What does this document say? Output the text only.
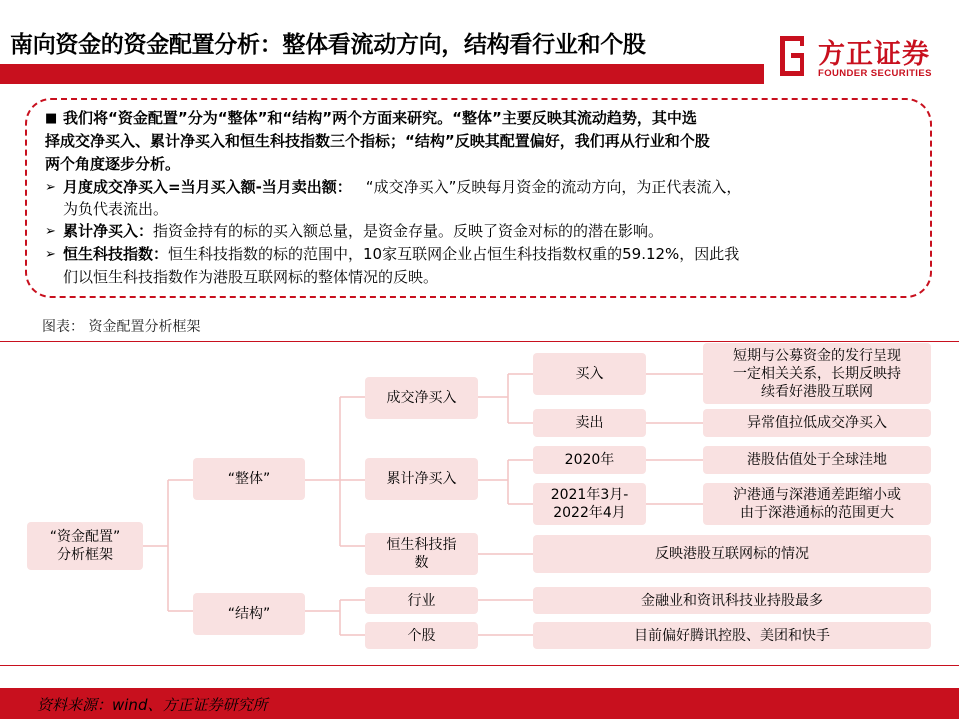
南向资金的资金配置分析：整体看流动方向，结构看行业和个股	方正证券
FOUNDER SECURITIES
■ 我们将“资金配置”分为“整体”和“结构”两个方面来研究。“整体”主要反映其流动趋势，其中选
择成交净买入、累计净买入和恒生科技指数三个指标；“结构”反映其配置偏好，我们再从行业和个股
两个角度逐步分析。
➢ 月度成交净买入=当月买入额-当月卖出额： “成交净买入”反映每月资金的流动方向，为正代表流入，
为负代表流出。
➢ 累计净买入：指资金持有的标的买入额总量，是资金存量。反映了资金对标的的潜在影响。
➢ 恒生科技指数：恒生科技指数的标的范围中，10家互联网企业占恒生科技指数权重的59.12%，因此我
们以恒生科技指数作为港股互联网标的整体情况的反映。
图表： 资金配置分析框架
“资金配置”
分析框架
“整体”
“结构”
成交净买入
累计净买入
恒生科技指
数
行业
个股
买入
卖出
2020年
2021年3月-
2022年4月
短期与公募资金的发行呈现
一定相关关系，长期反映持
续看好港股互联网
异常值拉低成交净买入
港股估值处于全球洼地
沪港通与深港通差距缩小或
由于深港通标的范围更大
反映港股互联网标的情况
金融业和资讯科技业持股最多
目前偏好腾讯控股、美团和快手
资料来源：wind、方正证券研究所
